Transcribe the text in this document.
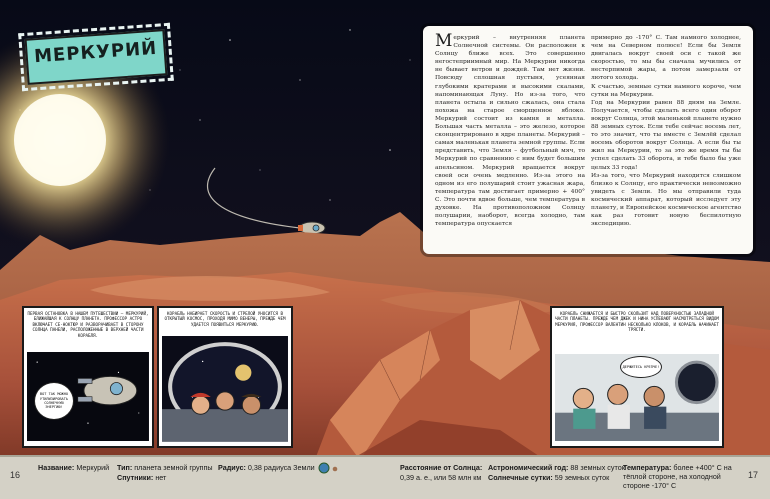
МЕРКУРИЙ	Меркурий – внутренняя планета Солнечной системы. Он расположен к Солнцу ближе всех. Это совершенно негостеприимный мир. На Меркурии никогда не бывает ветров и дождей. Там нет жизни. Повсюду сплошная пустыня, усеянная глубокими кратерами и высокими скалами, напоминающая Луну. Но из-за того, что планета остыла и сильно сжалась, она стала похожа на старое сморщенное яблоко. Меркурий состоит из камня и металла. Большая часть металла – это железо, которое сконцентрировано в ядре планеты. Меркурий – самая маленькая планета земной группы. Если представить, что Земля – футбольный мяч, то Меркурий по сравнению с ним будет большим апельсином. Меркурий вращается вокруг своей оси очень медленно. Из-за этого на одном из его полушарий стоит ужасная жара, температура там достигает примерно + 400° С. Это почти вдвое больше, чем температура в духовке. На противоположном Солнцу полушарии, наоборот, всегда холодно, там температура опускается

примерно до -170° С. Там намного холоднее, чем на Северном полюсе! Если бы Земля двигалась вокруг своей оси с такой же скоростью, то мы бы сначала мучились от нестерпимой жары, а потом замерзали от лютого холода.

К счастью, земные сутки намного короче, чем сутки на Меркурии.

Год на Меркурии равен 88 дням на Земле. Получается, чтобы сделать всего один оборот вокруг Солнца, этой маленькой планете нужно 88 земных суток. Если тебе сейчас восемь лет, то это значит, что ты вместе с Землёй сделал восемь оборотов вокруг Солнца. А если бы ты жил на Меркурии, то за это же время ты бы успел сделать 33 оборота, и тебе было бы уже целых 33 года!

Из-за того, что Меркурий находится слишком близко к Солнцу, его практически невозможно увидеть с Земли. Но мы отправили туда космический аппарат, который исследует эту планету, и Европейское космическое агентство как раз готовит новую беспилотную экспедицию.

ПЕРВАЯ ОСТАНОВКА В НАШЕМ ПУТЕШЕСТВИИ – МЕРКУРИЙ, БЛИЖАЙШАЯ К СОЛНЦУ ПЛАНЕТА. ПРОФЕССОР АСТРО ВКЛЮЧАЕТ CE-НОКТЮР И РАЗВОРАЧИВАЕТ В СТОРОНУ СОЛНЦА ПАНЕЛИ, РАСПОЛОЖЕННЫЕ В ВЕРХНЕЙ ЧАСТИ КОРАБЛЯ.
ВОТ ТАК МОЖНО УТИЛИЗИРОВАТЬ СОЛНЕЧНУЮ ЭНЕРГИЮ!
КОРАБЛЬ НАБИРАЕТ СКОРОСТЬ И СТРЕЛОЙ УНОСИТСЯ В ОТКРЫТЫЙ КОСМОС, ПРОХОДЯ МИМО ВЕНЕРЫ, ПРЕЖДЕ ЧЕМ УДАЕТСЯ ПОЯВИТЬСЯ МЕРКУРИЮ.
КОРАБЛЬ СНИЖАЕТСЯ И БЫСТРО СКОЛЬЗИТ НАД ПОВЕРХНОСТЬЮ ЗАПАДНОЙ ЧАСТИ ПЛАНЕТЫ. ПРЕЖДЕ ЧЕМ ДЖЕК И НИНА УСПЕВАЮТ НАСМОТРЕТЬСЯ ВИДОМ МЕРКУРИЯ, ПРОФЕССОР ВАЛЕНТИН НЕСКОЛЬКО КЛОКОВ, И КОРАБЛЬ НАЧИНАЕТ ТРЯСТИ.
ДЕРЖИТЕСЬ КРЕПЧЕ!
16	17
Название: Меркурий Тип: планета земной группы
Спутники: нет
Радиус: 0,38 радиуса Земли	Расстояние от Солнца:
0,39 а. е., или 58 млн км
Астрономический год: 88 земных суток
Солнечные сутки: 59 земных суток
Температура: более +400° С на тёплой стороне, на холодной стороне -170° С
